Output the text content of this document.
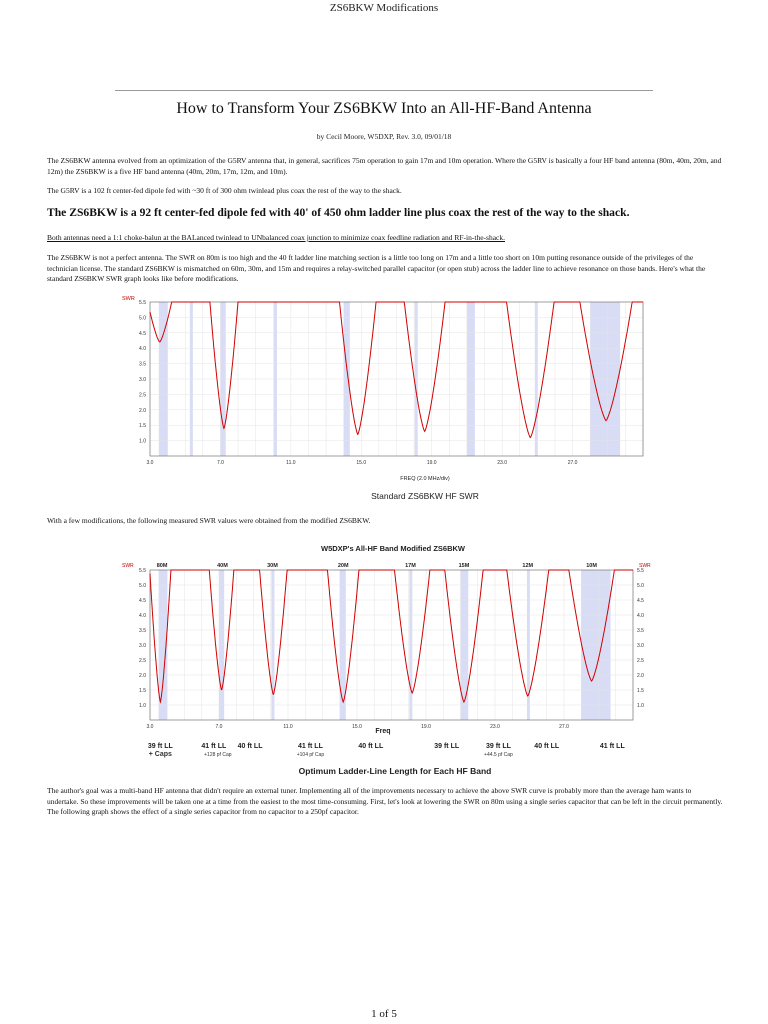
ZS6BKW Modifications
How to Transform Your ZS6BKW Into an All-HF-Band Antenna
by Cecil Moore, W5DXP, Rev. 3.0, 09/01/18
The ZS6BKW antenna evolved from an optimization of the G5RV antenna that, in general, sacrifices 75m operation to gain 17m and 10m operation. Where the G5RV is basically a four HF band antenna (80m, 40m, 20m, and 12m) the ZS6BKW is a five HF band antenna (40m, 20m, 17m, 12m, and 10m).
The G5RV is a 102 ft center-fed dipole fed with ~30 ft of 300 ohm twinlead plus coax the rest of the way to the shack.
The ZS6BKW is a 92 ft center-fed dipole fed with 40' of 450 ohm ladder line plus coax the rest of the way to the shack.
Both antennas need a 1:1 choke-balun at the BALanced twinlead to UNbalanced coax junction to minimize coax feedline radiation and RF-in-the-shack.
The ZS6BKW is not a perfect antenna. The SWR on 80m is too high and the 40 ft ladder line matching section is a little too long on 17m and a little too short on 10m putting resonance outside of the privileges of the technician license. The standard ZS6BKW is mismatched on 60m, 30m, and 15m and requires a relay-switched parallel capacitor (or open stub) across the ladder line to achieve resonance on those bands. Here's what the standard ZS6BKW SWR graph looks like before modifications.
5.5
5.0
4.5
4.0
3.5
3.0
2.5
2.0
1.5
1.0
3.0	7.0	11.0	15.0	19.0	23.0	27.0
SWR
FREQ (2.0 MHz/div)
Standard ZS6BKW HF SWR
With a few modifications, the following measured SWR values were obtained from the modified ZS6BKW.
W5DXP's All-HF Band Modified ZS6BKW
80M	40M	30M	20M	17M	15M	12M	10M
5.5
5.0
4.5
4.0
3.5
3.0
2.5
2.0
1.5
1.0
5.5
5.0
4.5
4.0
3.5
3.0
2.5
2.0
1.5
1.0
3.0	7.0	11.0	15.0	19.0	23.0	27.0
SWR	SWR
Freq
39 ft LL
+ Caps
41 ft LL
+128 pf Cap
40 ft LL	41 ft LL
+104 pf Cap
40 ft LL	39 ft LL	39 ft LL
+44.5 pf Cap
40 ft LL	41 ft LL
Optimum Ladder-Line Length for Each HF Band
The author's goal was a multi-band HF antenna that didn't require an external tuner. Implementing all of the improvements necessary to achieve the above SWR curve is probably more than the average ham wants to undertake. So these improvements will be taken one at a time from the easiest to the most time-consuming. First, let's look at lowering the SWR on 80m using a single series capacitor that can be left in the circuit permanently. The following graph shows the effect of a single series capacitor from no capacitor to a 250pf capacitor.
1 of 5
